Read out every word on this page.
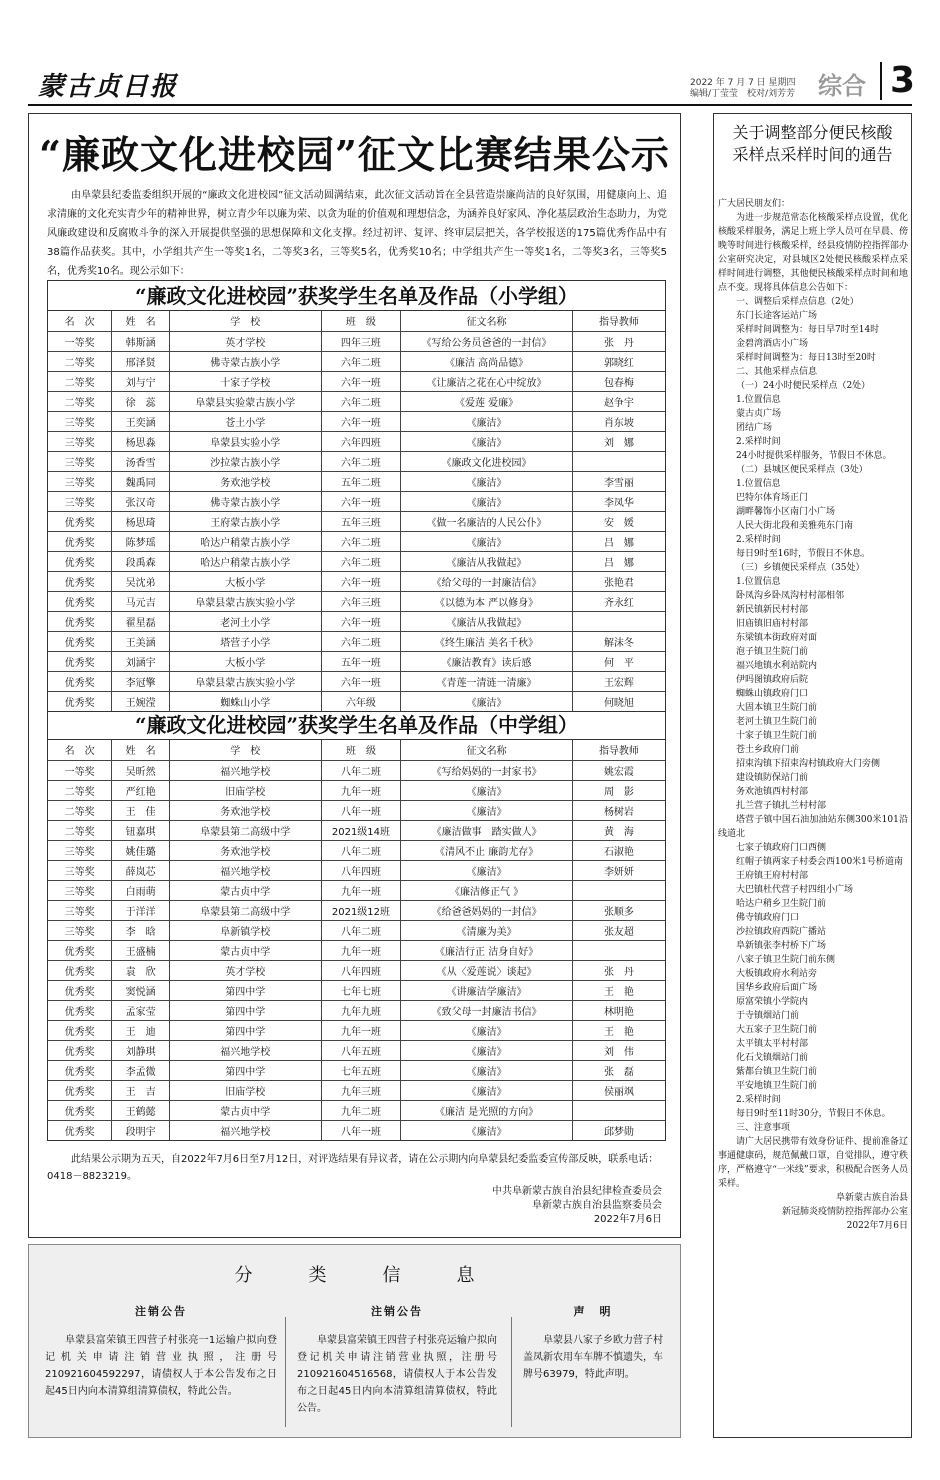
蒙古贞日报	2022 年 7 月 7 日 星期四
编辑/丁莹莹　校对/刘芳芳 综合 3
“廉政文化进校园”征文比赛结果公示
由阜蒙县纪委监委组织开展的“廉政文化进校园”征文活动圆满结束，此次征文活动旨在全县营造崇廉尚洁的良好氛围，用健康向上、追求清廉的文化充实青少年的精神世界，树立青少年以廉为荣、以贪为耻的价值观和理想信念，为涵养良好家风、净化基层政治生态助力，为党风廉政建设和反腐败斗争的深入开展提供坚强的思想保障和文化支撑。经过初评、复评、终审层层把关，各学校报送的175篇优秀作品中有38篇作品获奖。其中，小学组共产生一等奖1名，二等奖3名，三等奖5名，优秀奖10名；中学组共产生一等奖1名，二等奖3名，三等奖5名，优秀奖10名。现公示如下：
“廉政文化进校园”获奖学生名单及作品（小学组）
名　次	姓　名	学　校	班　级	征文名称	指导教师
一等奖	韩斯涵	英才学校	四年三班	《写给公务员爸爸的一封信》	张　丹
二等奖	邢泽贤	佛寺蒙古族小学	六年二班	《廉洁 高尚品德》	郭晓红
二等奖	刘与宁	十家子学校	六年一班	《让廉洁之花在心中绽放》	包春梅
二等奖	徐　蕊	阜蒙县实验蒙古族小学	六年二班	《爱莲 爱廉》	赵争宇
三等奖	王奕涵	苍土小学	六年一班	《廉洁》	肖东坡
三等奖	杨思淼	阜蒙县实验小学	六年四班	《廉洁》	刘　娜
三等奖	汤香雪	沙拉蒙古族小学	六年二班	《廉政文化进校园》	
三等奖	魏禹同	务欢池学校	五年二班	《廉洁》	李雪丽
三等奖	张汉奇	佛寺蒙古族小学	六年一班	《廉洁》	李凤华
优秀奖	杨思琦	王府蒙古族小学	五年三班	《做一名廉洁的人民公仆》	安　媛
优秀奖	陈梦瑶	哈达户稍蒙古族小学	六年二班	《廉洁》	吕　娜
优秀奖	段禹森	哈达户稍蒙古族小学	六年二班	《廉洁从我做起》	吕　娜
优秀奖	吴沈弟	大板小学	六年一班	《给父母的一封廉洁信》	张艳君
优秀奖	马元吉	阜蒙县蒙古族实验小学	六年三班	《以德为本 严以修身》	齐永红
优秀奖	翟星磊	老河土小学	六年一班	《廉洁从我做起》	
优秀奖	王美涵	塔营子小学	六年二班	《终生廉洁 美名千秋》	解沫冬
优秀奖	刘涵宇	大板小学	五年一班	《廉洁教育》读后感	何　平
优秀奖	李冠擎	阜蒙县蒙古族实验小学	六年一班	《青莲一清涟一清廉》	王宏辉
优秀奖	王婉滢	蜘蛛山小学	六年级	《廉洁》	何晓旭
“廉政文化进校园”获奖学生名单及作品（中学组）
名　次	姓　名	学　校	班　级	征文名称	指导教师
一等奖	吴昕然	福兴地学校	八年二班	《写给妈妈的一封家书》	姚宏霞
二等奖	严红艳	旧庙学校	九年一班	《廉洁》	周　影
二等奖	王　佳	务欢池学校	八年一班	《廉洁》	杨树岩
二等奖	钮嘉琪	阜蒙县第二高级中学	2021级14班	《廉洁做事　踏实做人》	黄　海
三等奖	姚佳璐	务欢池学校	八年二班	《清风不止 廉韵尤存》	石淑艳
三等奖	薛岚芯	福兴地学校	八年四班	《廉洁》	李妍妍
三等奖	白雨萌	蒙古贞中学	九年一班	《廉洁修正气 》	
三等奖	于洋洋	阜蒙县第二高级中学	2021级12班	《给爸爸妈妈的一封信》	张顺多
三等奖	李　晗	阜新镇学校	八年二班	《清廉为美》	张友超
优秀奖	王盛楠	蒙古贞中学	九年一班	《廉洁行正 洁身自好》	
优秀奖	袁　欣	英才学校	八年四班	《从〈爱莲说〉谈起》	张　丹
优秀奖	窦悦涵	第四中学	七年七班	《讲廉洁学廉洁》	王　艳
优秀奖	孟家莹	第四中学	九年九班	《致父母一封廉洁书信》	林明艳
优秀奖	王　迪	第四中学	九年一班	《廉洁》	王　艳
优秀奖	刘静琪	福兴地学校	八年五班	《廉洁》	刘　伟
优秀奖	李孟微	第四中学	七年五班	《廉洁》	张　磊
优秀奖	王　吉	旧庙学校	九年三班	《廉洁》	侯丽飒
优秀奖	王鹤懿	蒙古贞中学	九年二班	《廉洁 是光照的方向》	
优秀奖	段明宇	福兴地学校	八年一班	《廉洁》	邱梦勋
此结果公示期为五天，自2022年7月6日至7月12日，对评选结果有异议者，请在公示期内向阜蒙县纪委监委宣传部反映，联系电话：0418－8823219。
中共阜新蒙古族自治县纪律检查委员会
阜新蒙古族自治县监察委员会
2022年7月6日
关于调整部分便民核酸
采样点采样时间的通告

广大居民朋友们：

为进一步规范常态化核酸采样点设置，优化核酸采样服务，满足上班上学人员可在早晨、傍晚等时间进行核酸采样，经县疫情防控指挥部办公室研究决定，对县城区2处便民核酸采样点采样时间进行调整，其他便民核酸采样点时间和地点不变。现将具体信息公告如下：

一、调整后采样点信息（2处）

东门长途客运站广场

采样时间调整为：每日早7时至14时

金碧湾酒店小广场

采样时间调整为：每日13时至20时

二、其他采样点信息

（一）24小时便民采样点（2处）

1.位置信息

蒙古贞广场

团结广场

2.采样时间

24小时提供采样服务，节假日不休息。

（二）县城区便民采样点（3处）

1.位置信息

巴特尔体育场正门

湖畔馨饰小区南门小广场

人民大街北段和美雅苑东门南

2.采样时间

每日9时至16时，节假日不休息。

（三）乡镇便民采样点（35处）

1.位置信息

卧凤沟乡卧凤沟村村部相邻

新民镇新民村村部

旧庙镇旧庙村村部

东梁镇本街政府对面

泡子镇卫生院门前

福兴地镇水利站院内

伊吗图镇政府后院

蜘蛛山镇政府门口

大固本镇卫生院门前

老河土镇卫生院门前

十家子镇卫生院门前

苍土乡政府门前

招束沟镇下招束沟村镇政府大门旁侧

建设镇防保站门前

务欢池镇西村村部

扎兰营子镇扎兰村村部

塔营子镇中国石油加油站东侧300米101沿线道北

七家子镇政府门口西侧

红帽子镇两家子村委会西100米1号桥道南

王府镇王府村村部

大巴镇杜代营子村四组小广场

哈达户稍乡卫生院门前

佛寺镇政府门口

沙拉镇政府西院广播站

阜新镇张李村桥下广场

八家子镇卫生院门前东侧

大板镇政府水利站旁

国华乡政府后面广场

原富荣镇小学院内

于寺镇烟站门前

大五家子卫生院门前

太平镇太平村村部

化石戈镇烟站门前

紫都台镇卫生院门前

平安地镇卫生院门前

2.采样时间

每日9时至11时30分，节假日不休息。

三、注意事项

请广大居民携带有效身份证件、提前准备辽事通健康码，规范佩戴口罩，自觉排队，遵守秩序，严格遵守“一米线”要求，积极配合医务人员采样。

阜新蒙古族自治县

新冠肺炎疫情防控指挥部办公室

2022年7月6日

分类信息
注销公告
阜蒙县富荣镇王四营子村张亮一1运输户拟向登记机关申请注销营业执照，注册号210921604592297，请债权人于本公告发布之日起45日内向本清算组清算债权，特此公告。
注销公告
阜蒙县富荣镇王四营子村张亮运输户拟向登记机关申请注销营业执照，注册号210921604516568，请债权人于本公告发布之日起45日内向本清算组清算债权，特此公告。
声　明
阜蒙县八家子乡欧力营子村盖凤新农用车车牌不慎遗失，车牌号63979，特此声明。
